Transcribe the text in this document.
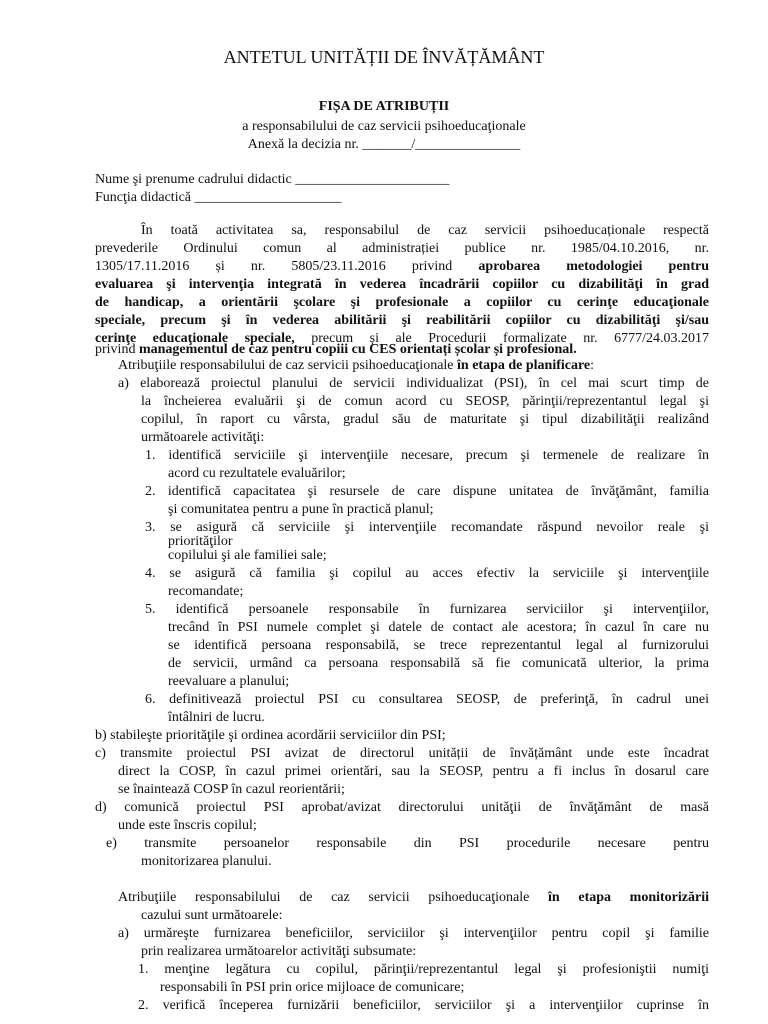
ANTETUL UNITĂȚII DE ÎNVĂȚĂMÂNT
FIȘA DE ATRIBUȚII
a responsabilului de caz servicii psihoeducaţionale
Anexă la decizia nr. _______/_______________
Nume şi prenume cadrului didactic ______________________
Funcţia didactică _____________________
În toată activitatea sa, responsabilul de caz servicii psihoeducaționale respectă
prevederile Ordinului comun al administrației publice nr. 1985/04.10.2016, nr.
1305/17.11.2016 și nr. 5805/23.11.2016 privind aprobarea metodologiei pentru
evaluarea şi intervenţia integrată în vederea încadrării copiilor cu dizabilităţi în grad
de handicap, a orientării şcolare şi profesionale a copiilor cu cerinţe educaţionale
speciale, precum şi în vederea abilitării şi reabilitării copiilor cu dizabilităţi şi/sau
cerinţe educaţionale speciale, precum și ale Procedurii formalizate nr. 6777/24.03.2017
privind managementul de caz pentru copiii cu CES orientați școlar și profesional.
Atribuţiile responsabilului de caz servicii psihoeducaţionale în etapa de planificare:
a) elaborează proiectul planului de servicii individualizat (PSI), în cel mai scurt timp de
la încheierea evaluării şi de comun acord cu SEOSP, părinţii/reprezentantul legal şi
copilul, în raport cu vârsta, gradul său de maturitate şi tipul dizabilităţii realizând
următoarele activităţi:
1. identifică serviciile şi intervenţiile necesare, precum şi termenele de realizare în
acord cu rezultatele evaluărilor;
2. identifică capacitatea şi resursele de care dispune unitatea de învăţământ, familia
şi comunitatea pentru a pune în practică planul;
3. se asigură că serviciile şi intervenţiile recomandate răspund nevoilor reale şi
priorităţilor
copilului şi ale familiei sale;
4. se asigură că familia şi copilul au acces efectiv la serviciile şi intervenţiile
recomandate;
5. identifică persoanele responsabile în furnizarea serviciilor şi intervenţiilor,
trecând în PSI numele complet şi datele de contact ale acestora; în cazul în care nu
se identifică persoana responsabilă, se trece reprezentantul legal al furnizorului
de servicii, urmând ca persoana responsabilă să fie comunicată ulterior, la prima
reevaluare a planului;
6. definitivează proiectul PSI cu consultarea SEOSP, de preferinţă, în cadrul unei
întâlniri de lucru.
b) stabileşte priorităţile şi ordinea acordării serviciilor din PSI;
c) transmite proiectul PSI avizat de directorul unității de învățământ unde este încadrat
direct la COSP, în cazul primei orientări, sau la SEOSP, pentru a fi inclus în dosarul care
se înaintează COSP în cazul reorientării;
d) comunică proiectul PSI aprobat/avizat directorului unităţii de învăţământ de masă
unde este înscris copilul;
e) transmite persoanelor responsabile din PSI procedurile necesare pentru
monitorizarea planului.
Atribuţiile responsabilului de caz servicii psihoeducaţionale în etapa monitorizării
cazului sunt următoarele:
a) urmăreşte furnizarea beneficiilor, serviciilor şi intervenţiilor pentru copil şi familie
prin realizarea următoarelor activităţi subsumate:
1. menţine legătura cu copilul, părinţii/reprezentantul legal şi profesioniştii numiţi
responsabili în PSI prin orice mijloace de comunicare;
2. verifică începerea furnizării beneficiilor, serviciilor şi a intervenţiilor cuprinse în
